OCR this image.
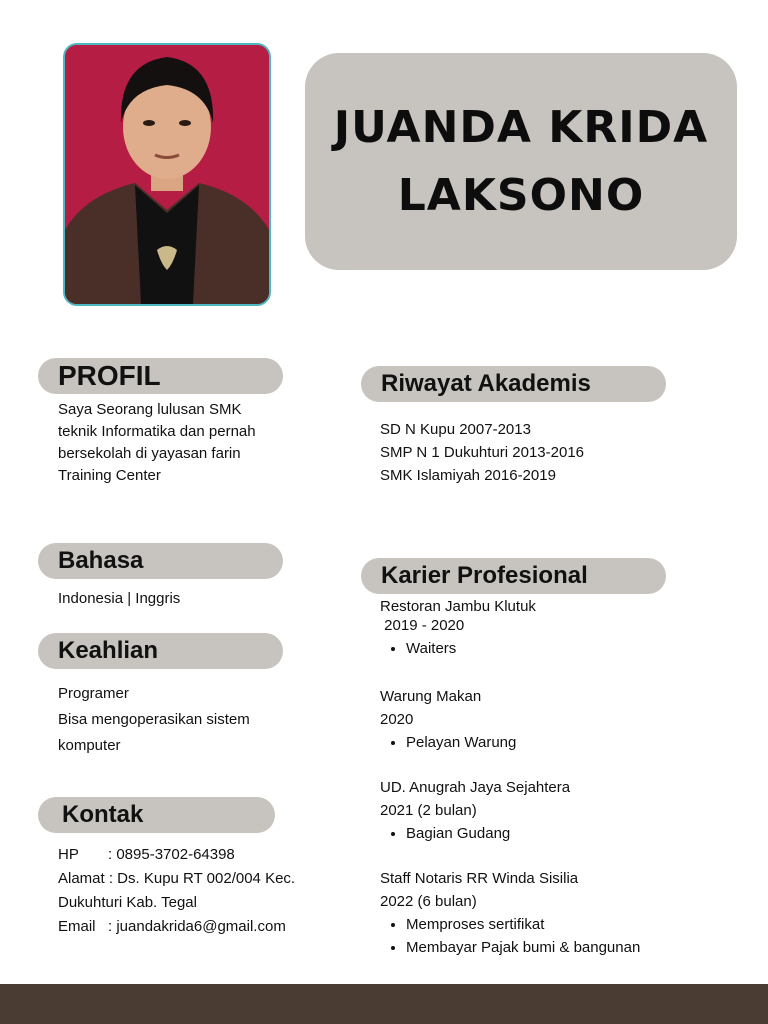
JUANDA KRIDA
LAKSONO
PROFIL
Saya Seorang lulusan SMK
teknik Informatika dan pernah
bersekolah di yayasan farin
Training Center
Bahasa
Indonesia | Inggris
Keahlian
Programer
Bisa mengoperasikan sistem
komputer
Kontak
HP : 0895-3702-64398
Alamat : Ds. Kupu RT 002/004 Kec.
Dukuhturi Kab. Tegal
Email : juandakrida6@gmail.com
Riwayat Akademis
SD N Kupu 2007-2013
SMP N 1 Dukuhturi 2013-2016
SMK Islamiyah 2016-2019
Karier Profesional
Restoran Jambu Klutuk
2019 - 2020
• Waiters
Warung Makan
2020
• Pelayan Warung
UD. Anugrah Jaya Sejahtera
2021 (2 bulan)
• Bagian Gudang
Staff Notaris RR Winda Sisilia
2022 (6 bulan)
• Memproses sertifikat
• Membayar Pajak bumi & bangunan
